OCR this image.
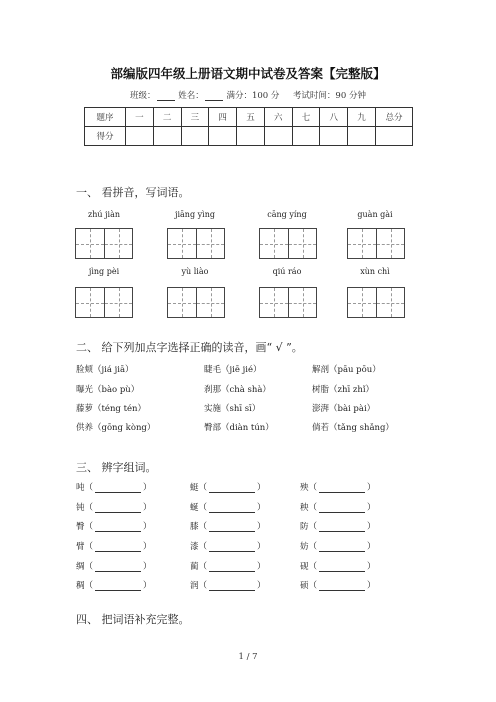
部编版四年级上册语文期中试卷及答案【完整版】
班级：	姓名：	满分：100 分 考试时间：90 分钟
题序	一	二	三	四	五	六	七	八	九	总分
得分										
一、 看拼音，写词语。
zhú jiàn	jiāng yìng	cāng yíng	guàn gài
jìng pèi	yù liào	qiú ráo	xùn chì
二、 给下列加点字选择正确的读音，画“ √ ”。
脸颊（jiá jiā）	睫毛（jiē jié）	解剖（pāu pōu）
曝光（bào pù）	刹那（chà shà）	树脂（zhī zhǐ）
藤萝（téng tén）	实施（shī sī）	澎湃（bài pài）
供养（gōng kòng）	臀部（diàn tún）	倘若（tǎng shǎng）
三、 辨字组词。
吨（	）	蜓（	）	殃（	）
钝（	）	蜒（	）	秧（	）
臀（	）	膝（	）	防（	）
臂（	）	漆（	）	妨（	）
绸（	）	蔺（	）	砚（	）
稠（	）	润（	）	硕（	）
四、 把词语补充完整。
1 / 7
